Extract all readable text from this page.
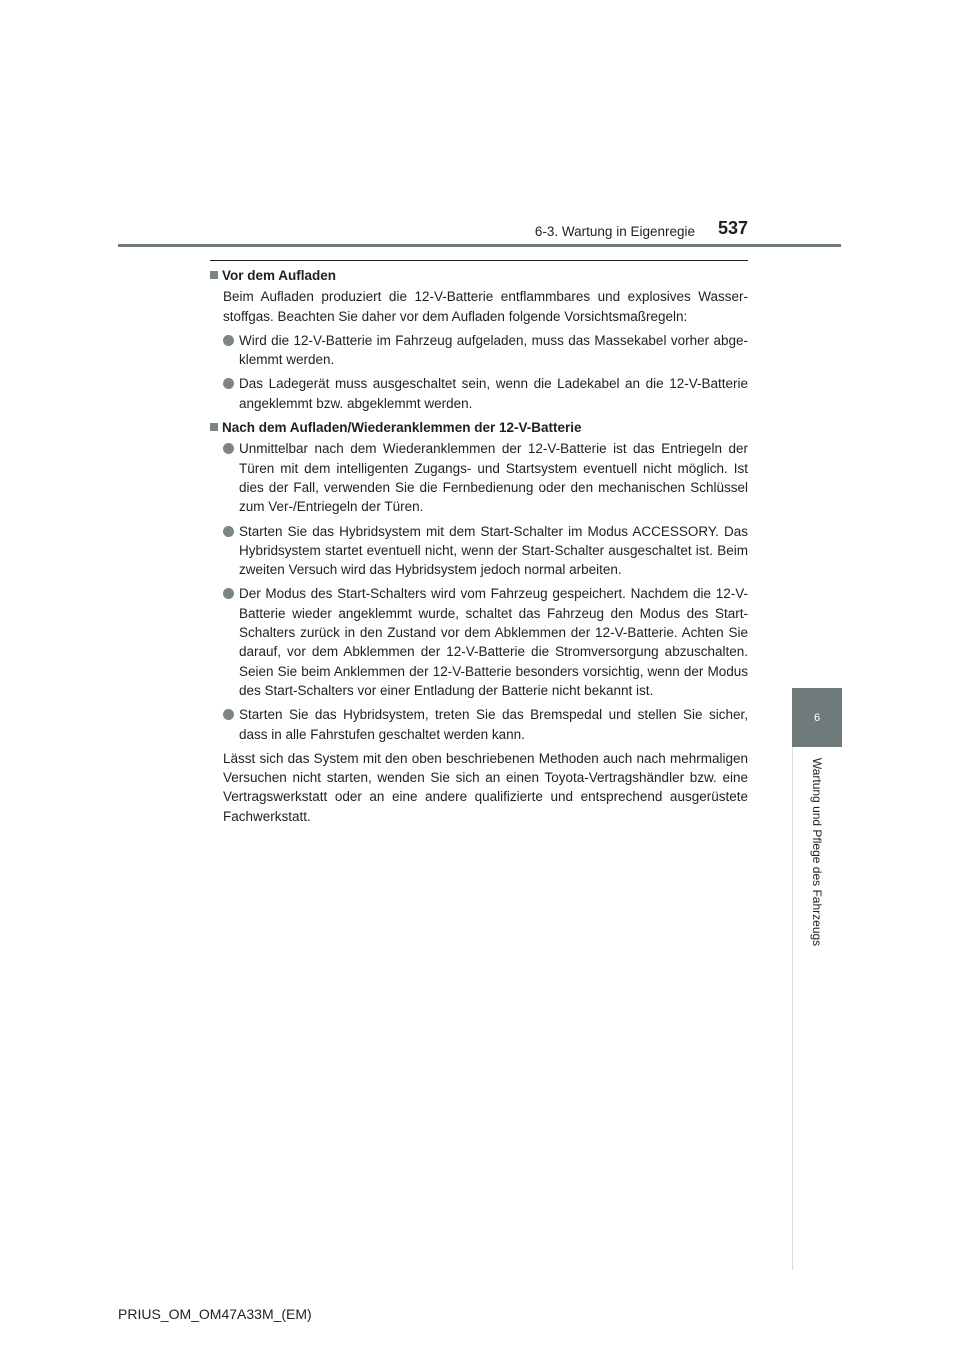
6-3. Wartung in Eigenregie 537
6
Wartung und Pflege des Fahrzeugs
Vor dem Aufladen

Beim Aufladen produziert die 12-V-Batterie entflammbares und explosives Wasserstoffgas. Beachten Sie daher vor dem Aufladen folgende Vorsichtsmaßregeln:

Wird die 12-V-Batterie im Fahrzeug aufgeladen, muss das Massekabel vorher abgeklemmt werden.
Das Ladegerät muss ausgeschaltet sein, wenn die Ladekabel an die 12-V-Batterie angeklemmt bzw. abgeklemmt werden.
Nach dem Aufladen/Wiederanklemmen der 12-V-Batterie
Unmittelbar nach dem Wiederanklemmen der 12-V-Batterie ist das Entriegeln der Türen mit dem intelligenten Zugangs- und Startsystem eventuell nicht möglich. Ist dies der Fall, verwenden Sie die Fernbedienung oder den mechanischen Schlüssel zum Ver-/Entriegeln der Türen.
Starten Sie das Hybridsystem mit dem Start-Schalter im Modus ACCESSORY. Das Hybridsystem startet eventuell nicht, wenn der Start-Schalter ausgeschaltet ist. Beim zweiten Versuch wird das Hybridsystem jedoch normal arbeiten.
Der Modus des Start-Schalters wird vom Fahrzeug gespeichert. Nachdem die 12-V-Batterie wieder angeklemmt wurde, schaltet das Fahrzeug den Modus des Start-Schalters zurück in den Zustand vor dem Abklemmen der 12-V-Batterie. Achten Sie darauf, vor dem Abklemmen der 12-V-Batterie die Stromversorgung abzuschalten. Seien Sie beim Anklemmen der 12-V-Batterie besonders vorsichtig, wenn der Modus des Start-Schalters vor einer Entladung der Batterie nicht bekannt ist.
Starten Sie das Hybridsystem, treten Sie das Bremspedal und stellen Sie sicher, dass in alle Fahrstufen geschaltet werden kann.

Lässt sich das System mit den oben beschriebenen Methoden auch nach mehrmaligen Versuchen nicht starten, wenden Sie sich an einen Toyota-Vertragshändler bzw. eine Vertragswerkstatt oder an eine andere qualifizierte und entsprechend ausgerüstete Fachwerkstatt.

PRIUS_OM_OM47A33M_(EM)
